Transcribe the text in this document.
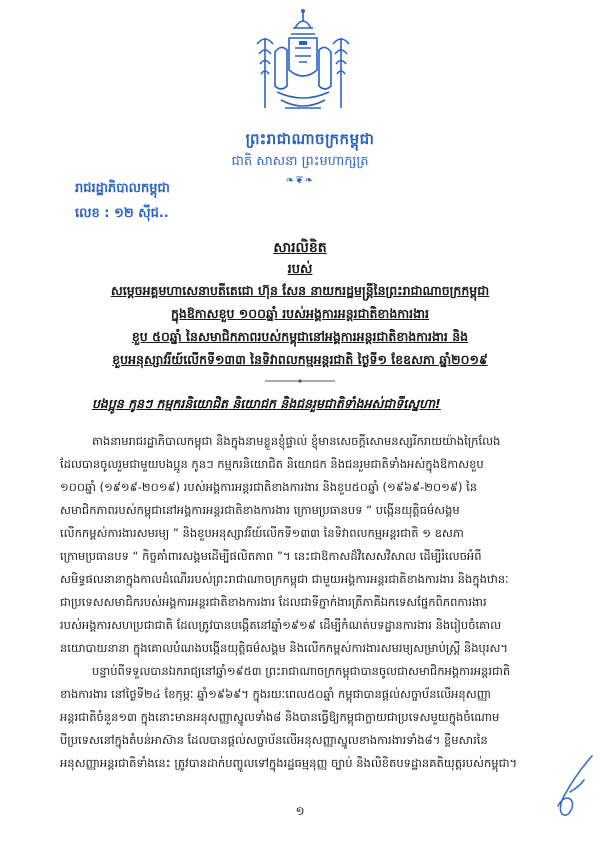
ព្រះរាជាណាចក្រកម្ពុជា
ជាតិ សាសនា ព្រះមហាក្សត្រ
❧❦❧
រាជរដ្ឋាភិបាលកម្ពុជា
លេខ : ១២ ស៊ីជ..
សារលិខិត
របស់
សម្តេចអគ្គមហាសេនាបតីតេជោ ហ៊ុន សែន នាយករដ្ឋមន្ត្រីនៃព្រះរាជាណាចក្រកម្ពុជា
ក្នុងឱកាសខួប ១០០ឆ្នាំ របស់អង្គការអន្តរជាតិខាងការងារ
ខួប ៥០ឆ្នាំ នៃសមាជិកភាពរបស់កម្ពុជានៅអង្គការអន្តរជាតិខាងការងារ និង
ខួបអនុស្សាវរីយ៍លើកទី១៣៣ នៃទិវាពលកម្មអន្តរជាតិ ថ្ងៃទី១ ខែឧសភា ឆ្នាំ២០១៩
បងប្អូន កូនៗ កម្មករនិយោជិត និយោជក និងជនរួមជាតិទាំងអស់ជាទីស្នេហា!
តាងនាមរាជរដ្ឋាភិបាលកម្ពុជា និងក្នុងនាមខ្លួនខ្ញុំផ្ទាល់ ខ្ញុំមានសេចក្តីសោមនស្សរីករាយយ៉ាងក្រៃលែង
ដែលបានចូលរួមជាមួយបងប្អូន កូនៗ កម្មករនិយោជិត និយោជក និងជនរួមជាតិទាំងអស់ក្នុងឱកាសខួប
១០០ឆ្នាំ (១៩១៩-២០១៩) របស់អង្គការអន្តរជាតិខាងការងារ និងខួប៥០ឆ្នាំ (១៩៦៩-២០១៩) នៃ
សមាជិកភាពរបស់កម្ពុជានៅអង្គការអន្តរជាតិខាងការងារ ក្រោមប្រធានបទ “ បង្កើនយុត្តិធម៌សង្គម
លើកកម្ពស់ការងារសមរម្យ ” និងខួបអនុស្សាវរីយ៍លើកទី១៣៣ នៃទិវាពលកម្មអន្តរជាតិ ១ ឧសភា
ក្រោមប្រធានបទ “ កិច្ចគាំពារសង្គមដើម្បីផលិតភាព ”។ នេះជាឱកាសដ៏វិសេសវិសាល ដើម្បីរំលេចអំពី
សមិទ្ធផលនានាក្នុងកាលដំណើររបស់ព្រះរាជាណាចក្រកម្ពុជា ជាមួយអង្គការអន្តរជាតិខាងការងារ និងក្នុងឋានៈ
ជាប្រទេសសមាជិករបស់អង្គការអន្តរជាតិខាងការងារ ដែលជាទីភ្នាក់ងារត្រីភាគីឯកទេសផ្នែកពិភពការងារ
របស់អង្គការសហប្រជាជាតិ ដែលត្រូវបានបង្កើតនៅឆ្នាំ១៩១៩ ដើម្បីកំណត់បទដ្ឋានការងារ និងរៀបចំគោល
នយោបាយនានា ក្នុងគោលបំណងបង្កើនយុត្តិធម៌សង្គម និងលើកកម្ពស់ការងារសមរម្យសម្រាប់ស្ត្រី និងបុរស។
បន្ទាប់ពីទទួលបានឯករាជ្យនៅឆ្នាំ១៩៥៣ ព្រះរាជាណាចក្រកម្ពុជាបានចូលជាសមាជិកអង្គការអន្តរជាតិ
ខាងការងារ នៅថ្ងៃទី២៤ ខែកុម្ភៈ ឆ្នាំ១៩៦៩។ ក្នុងរយៈពេល៥០ឆ្នាំ កម្ពុជាបានផ្តល់សច្ចាប័នលើអនុសញ្ញា
អន្តរជាតិចំនួន១៣ ក្នុងនោះមានអនុសញ្ញាស្នូលទាំង៨ និងបានធ្វើឱ្យកម្ពុជាក្លាយជាប្រទេសមួយក្នុងចំណោម
បីប្រទេសនៅក្នុងតំបន់អាស៊ាន ដែលបានផ្តល់សច្ចាប័នលើអនុសញ្ញាស្នូលខាងការងារទាំង៨។ ខ្លឹមសារនៃ
អនុសញ្ញាអន្តរជាតិទាំងនេះ ត្រូវបានដាក់បញ្ចូលទៅក្នុងរដ្ឋធម្មនុញ្ញ ច្បាប់ និងលិខិតបទដ្ឋានគតិយុត្តរបស់កម្ពុជា។
១
